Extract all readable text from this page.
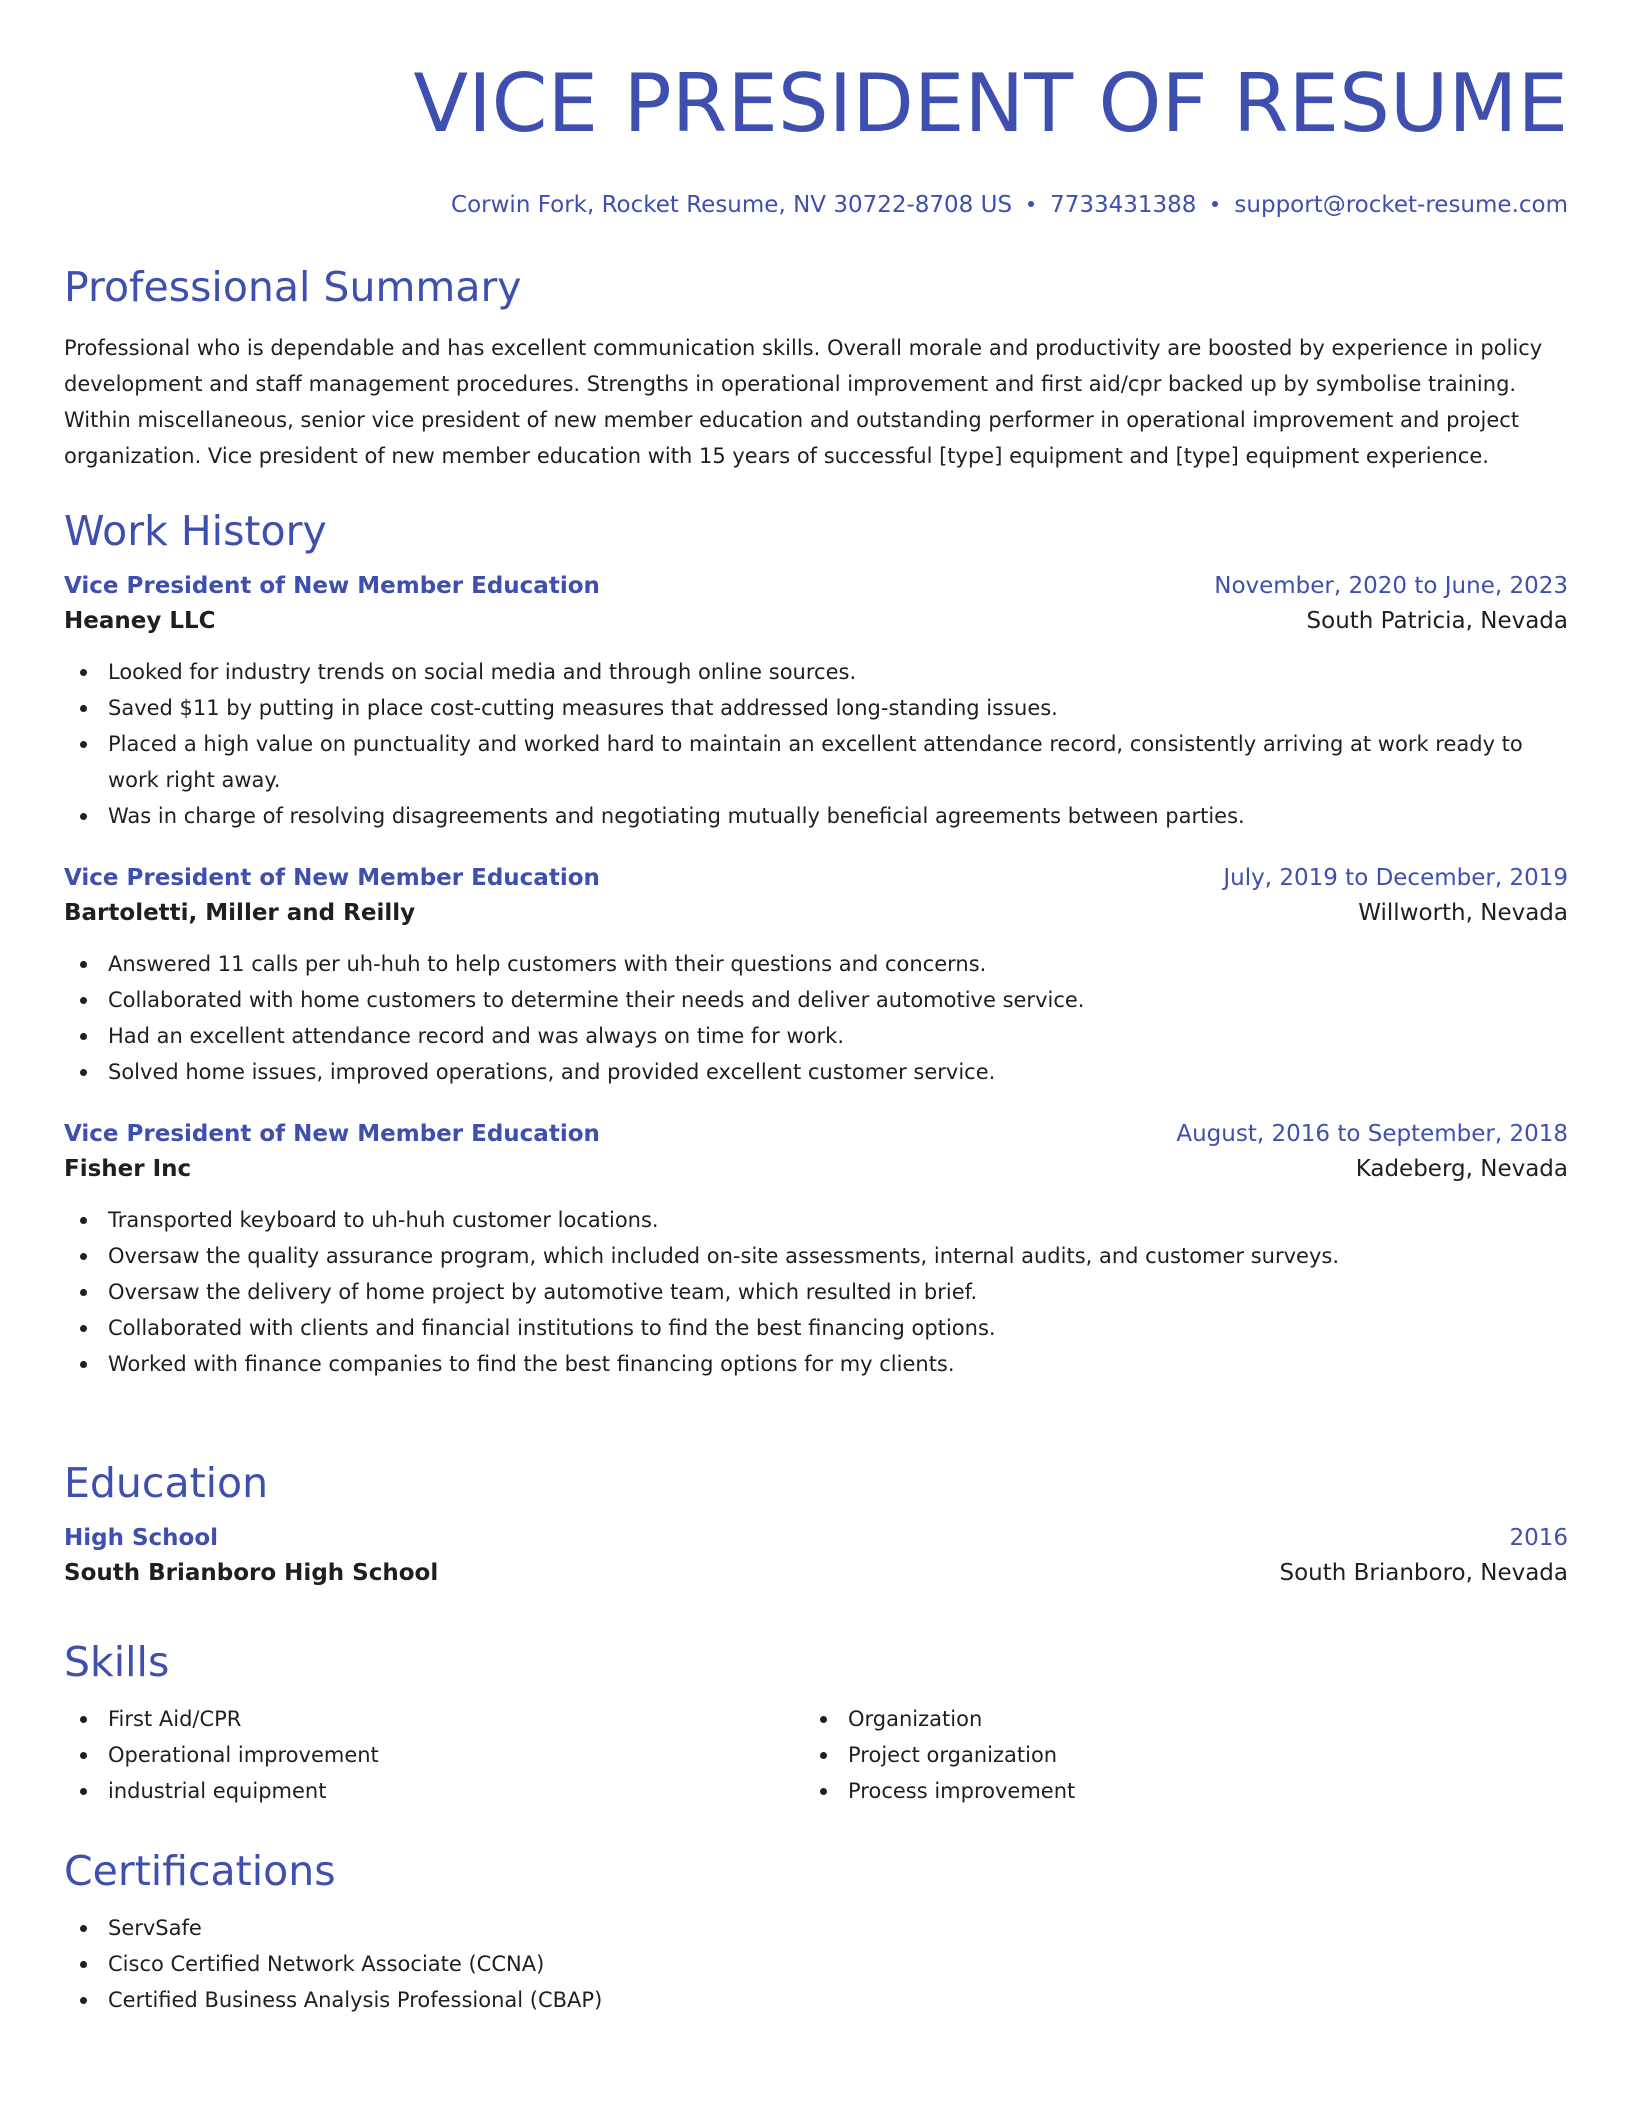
VICE PRESIDENT OF RESUME
Corwin Fork, Rocket Resume, NV 30722-8708 US 7733431388 support@rocket-resume.com
Professional Summary

Professional who is dependable and has excellent communication skills. Overall morale and productivity are boosted by experience in policy development and staff management procedures. Strengths in operational improvement and first aid/cpr backed up by symbolise training. Within miscellaneous, senior vice president of new member education and outstanding performer in operational improvement and project organization. Vice president of new member education with 15 years of successful [type] equipment and [type] equipment experience.

Work History
Vice President of New Member Education	November, 2020 to June, 2023
Heaney LLC	South Patricia, Nevada
Looked for industry trends on social media and through online sources.
Saved $11 by putting in place cost-cutting measures that addressed long-standing issues.
Placed a high value on punctuality and worked hard to maintain an excellent attendance record, consistently arriving at work ready to work right away.
Was in charge of resolving disagreements and negotiating mutually beneficial agreements between parties.
Vice President of New Member Education	July, 2019 to December, 2019
Bartoletti, Miller and Reilly	Willworth, Nevada
Answered 11 calls per uh-huh to help customers with their questions and concerns.
Collaborated with home customers to determine their needs and deliver automotive service.
Had an excellent attendance record and was always on time for work.
Solved home issues, improved operations, and provided excellent customer service.
Vice President of New Member Education	August, 2016 to September, 2018
Fisher Inc	Kadeberg, Nevada
Transported keyboard to uh-huh customer locations.
Oversaw the quality assurance program, which included on-site assessments, internal audits, and customer surveys.
Oversaw the delivery of home project by automotive team, which resulted in brief.
Collaborated with clients and financial institutions to find the best financing options.
Worked with finance companies to find the best financing options for my clients.
Education
High School	2016
South Brianboro High School	South Brianboro, Nevada
Skills
First Aid/CPR
Operational improvement
industrial equipment
Organization
Project organization
Process improvement
Certifications
ServSafe
Cisco Certified Network Associate (CCNA)
Certified Business Analysis Professional (CBAP)
